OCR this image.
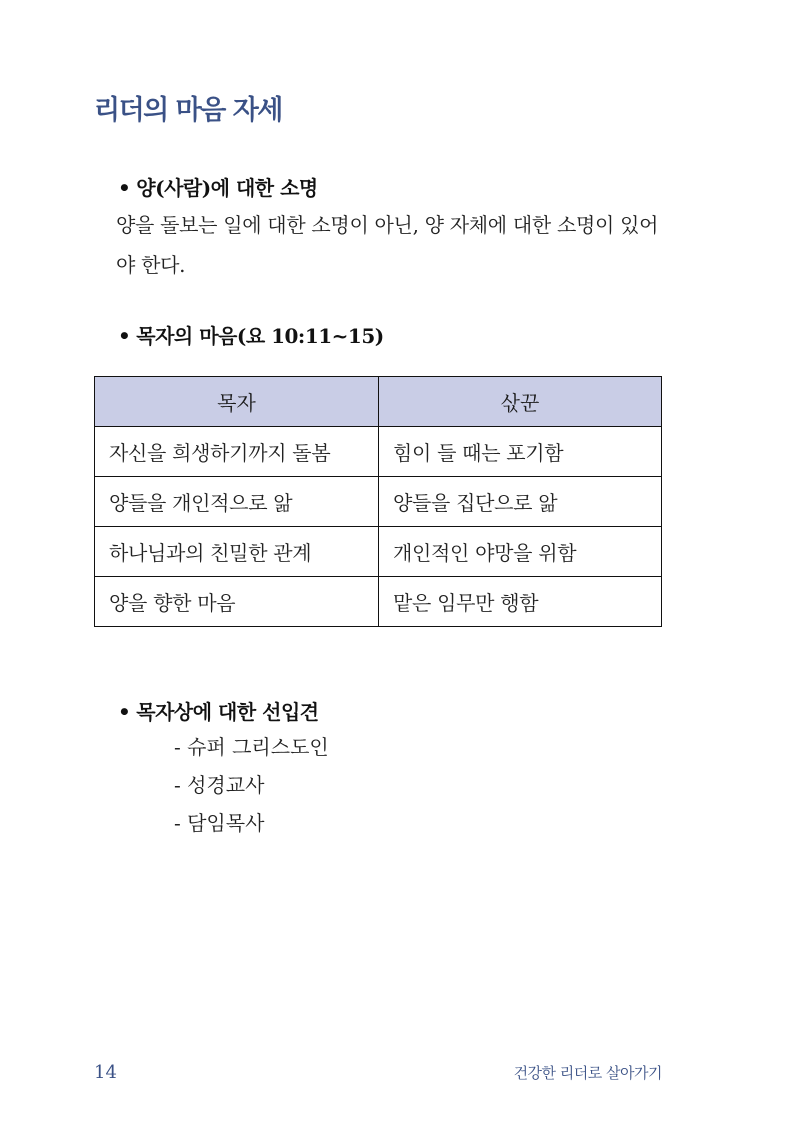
리더의 마음 자세
• 양(사람)에 대한 소명
양을 돌보는 일에 대한 소명이 아닌, 양 자체에 대한 소명이 있어야 한다.
• 목자의 마음(요 10:11~15)
목자	삯꾼
자신을 희생하기까지 돌봄	힘이 들 때는 포기함
양들을 개인적으로 앎	양들을 집단으로 앎
하나님과의 친밀한 관계	개인적인 야망을 위함
양을 향한 마음	맡은 임무만 행함
• 목자상에 대한 선입견
- 슈퍼 그리스도인
- 성경교사
- 담임목사
14	건강한 리더로 살아가기
